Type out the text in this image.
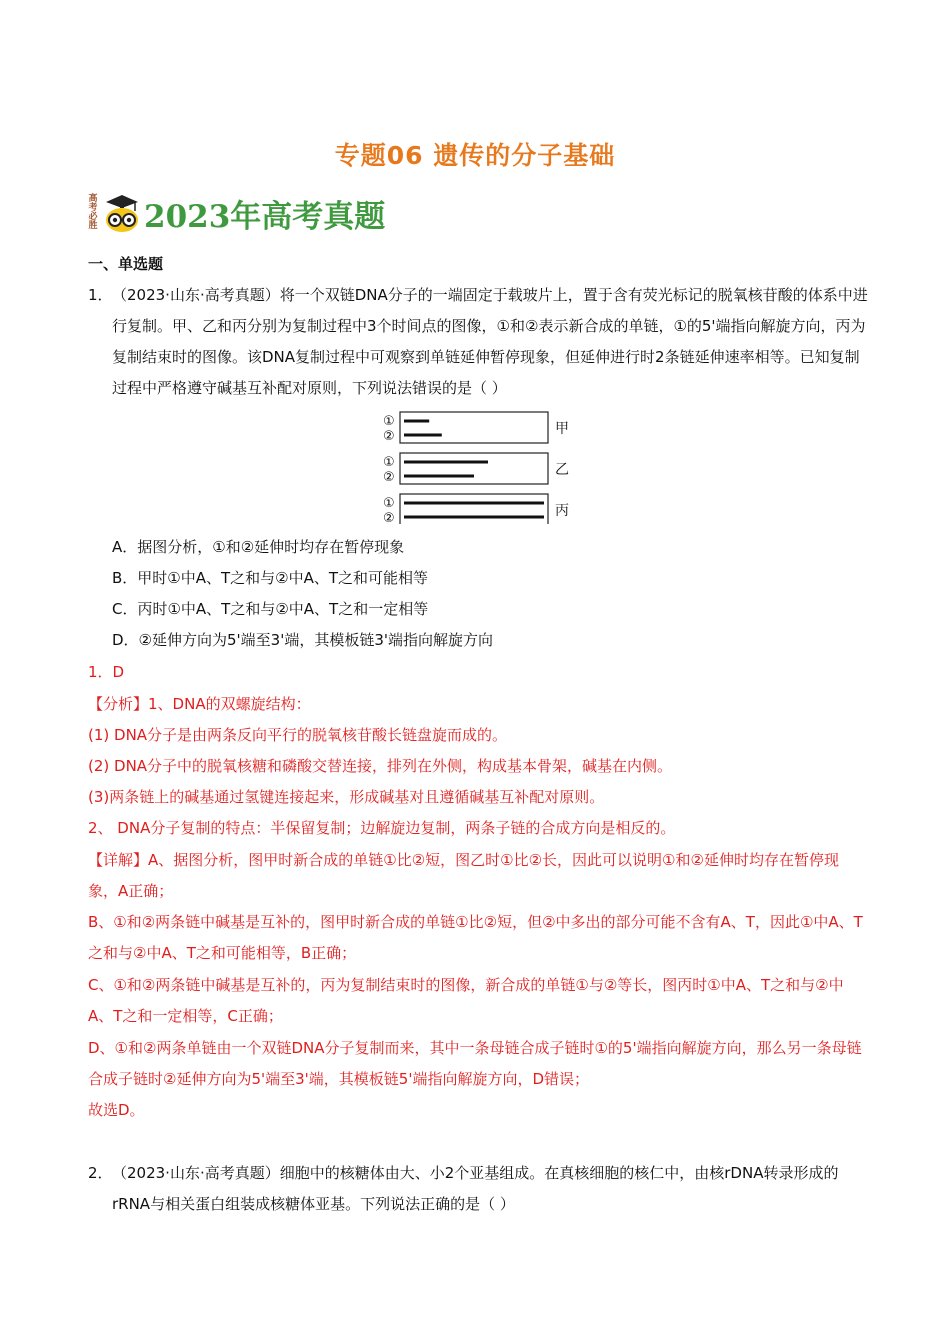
专题06 遗传的分子基础
高
考
必
胜 2023年高考真题
一、单选题
1． （2023·山东·高考真题）将一个双链DNA分子的一端固定于载玻片上，置于含有荧光标记的脱氧核苷酸的体系中进行复制。甲、乙和丙分别为复制过程中3个时间点的图像，①和②表示新合成的单链，①的5'端指向解旋方向，丙为复制结束时的图像。该DNA复制过程中可观察到单链延伸暂停现象，但延伸进行时2条链延伸速率相等。已知复制过程中严格遵守碱基互补配对原则，下列说法错误的是（ ）
①
②	甲
①
②	乙
①
②	丙
A．据图分析，①和②延伸时均存在暂停现象
B．甲时①中A、T之和与②中A、T之和可能相等
C．丙时①中A、T之和与②中A、T之和一定相等
D．②延伸方向为5'端至3'端，其模板链3'端指向解旋方向
1．D
【分析】1、DNA的双螺旋结构：
(1) DNA分子是由两条反向平行的脱氧核苷酸长链盘旋而成的。
(2) DNA分子中的脱氧核糖和磷酸交替连接，排列在外侧，构成基本骨架，碱基在内侧。
(3)两条链上的碱基通过氢键连接起来，形成碱基对且遵循碱基互补配对原则。
2、 DNA分子复制的特点：半保留复制；边解旋边复制，两条子链的合成方向是相反的。
【详解】A、据图分析，图甲时新合成的单链①比②短，图乙时①比②长，因此可以说明①和②延伸时均存在暂停现象，A正确；
B、①和②两条链中碱基是互补的，图甲时新合成的单链①比②短，但②中多出的部分可能不含有A、T，因此①中A、T之和与②中A、T之和可能相等，B正确；
C、①和②两条链中碱基是互补的，丙为复制结束时的图像，新合成的单链①与②等长，图丙时①中A、T之和与②中A、T之和一定相等，C正确；
D、①和②两条单链由一个双链DNA分子复制而来，其中一条母链合成子链时①的5'端指向解旋方向，那么另一条母链合成子链时②延伸方向为5'端至3'端，其模板链5'端指向解旋方向，D错误；
故选D。
2． （2023·山东·高考真题）细胞中的核糖体由大、小2个亚基组成。在真核细胞的核仁中，由核rDNA转录形成的rRNA与相关蛋白组装成核糖体亚基。下列说法正确的是（ ）
